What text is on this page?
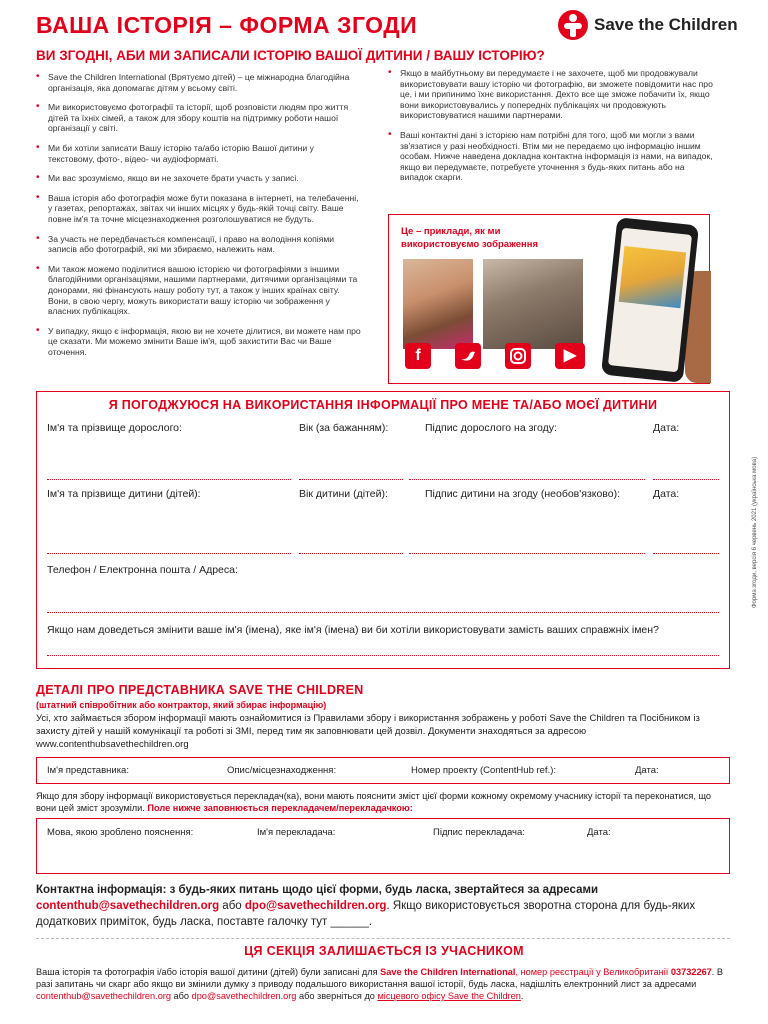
ВАША ІСТОРІЯ – ФОРМА ЗГОДИ	Save the Children
ВИ ЗГОДНІ, АБИ МИ ЗАПИСАЛИ ІСТОРІЮ ВАШОЇ ДИТИНИ / ВАШУ ІСТОРІЮ?
• Save the Children International (Врятуємо дітей) – це міжнародна благодійна організація, яка допомагає дітям у всьому світі.
• Ми використовуємо фотографії та історії, щоб розповісти людям про життя дітей та їхніх сімей, а також для збору коштів на підтримку роботи нашої організації у світі.
• Ми би хотіли записати Вашу історію та/або історію Вашої дитини у текстовому, фото-, відео- чи аудіоформаті.
• Ми вас зрозуміємо, якщо ви не захочете брати участь у записі.
• Ваша історія або фотографія може бути показана в інтернеті, на телебаченні, у газетах, репортажах, звітах чи інших місцях у будь-якій точці світу. Ваше повне ім'я та точне місцезнаходження розголошуватися не будуть.
• За участь не передбачається компенсації, і право на володіння копіями записів або фотографій, які ми збираємо, належить нам.
• Ми також можемо поділитися вашою історією чи фотографіями з іншими благодійними організаціями, нашими партнерами, дитячими організаціями та донорами, які фінансують нашу роботу тут, а також у інших країнах світу. Вони, в свою чергу, можуть використати вашу історію чи зображення у власних публікаціях.
• У випадку, якщо є інформація, якою ви не хочете ділитися, ви можете нам про це сказати. Ми можемо змінити Ваше ім'я, щоб захистити Вас чи Ваше оточення.
• Якщо в майбутньому ви передумаєте і не захочете, щоб ми продовжували використовувати вашу історію чи фотографію, ви зможете повідомити нас про це, і ми припинимо їхнє використання. Дехто все ще зможе побачити їх, якщо вони використовувались у попередніх публікаціях чи продовжують використовуватися нашими партнерами.
• Ваші контактні дані з історією нам потрібні для того, щоб ми могли з вами зв'язатися у разі необхідності. Втім ми не передаємо цю інформацію іншим особам. Нижче наведена докладна контактна інформація із нами, на випадок, якщо ви передумаєте, потребуєте уточнення з будь-яких питань або на випадок скарги.
Це – приклади, як ми використовуємо зображення
f	▶
Я ПОГОДЖУЮСЯ НА ВИКОРИСТАННЯ ІНФОРМАЦІЇ ПРО МЕНЕ ТА/АБО МОЄЇ ДИТИНИ
Ім'я та прізвище дорослого:	Вік (за бажанням):	Підпис дорослого на згоду:	Дата:
Ім'я та прізвище дитини (дітей):	Вік дитини (дітей):	Підпис дитини на згоду (необов'язково):	Дата:
Телефон / Електронна пошта / Адреса:
Якщо нам доведеться змінити ваше ім'я (імена), яке ім'я (імена) ви би хотіли використовувати замість ваших справжніх імен?
Форма згоди, версія 6 червень 2021 (українська мова)
ДЕТАЛІ ПРО ПРЕДСТАВНИКА SAVE THE CHILDREN
(штатний співробітник або контрактор, який збирає інформацію)
Усі, хто займається збором інформації мають ознайомитися із Правилами збору і використання зображень у роботі Save the Children та Посібником із захисту дітей у нашій комунікації та роботі зі ЗМІ, перед тим як заповнювати цей дозвіл. Документи знаходяться за адресою www.contenthubsavethechildren.org
Ім'я представника:	Опис/місцезнаходження:	Номер проекту (ContentHub ref.):	Дата:
Якщо для збору інформації використовується перекладач(ка), вони мають пояснити зміст цієї форми кожному окремому учаснику історії та переконатися, що вони цей зміст зрозуміли. Поле нижче заповнюється перекладачем/перекладачкою:
Мова, якою зроблено пояснення:	Ім'я перекладача:	Підпис перекладача:	Дата:
Контактна інформація: з будь-яких питань щодо цієї форми, будь ласка, звертайтеся за адресами
contenthub@savethechildren.org або dpo@savethechildren.org. Якщо використовується зворотна сторона для будь-яких додаткових приміток, будь ласка, поставте галочку тут ______.
ЦЯ СЕКЦІЯ ЗАЛИШАЄТЬСЯ ІЗ УЧАСНИКОМ
Ваша історія та фотографія і/або історія вашої дитини (дітей) були записані для Save the Children International, номер реєстрації у Великобританії 03732267. В разі запитань чи скарг або якщо ви змінили думку з приводу подальшого використання вашої історії, будь ласка, надішліть електронний лист за адресами contenthub@savethechildren.org або dpo@savethechildren.org або зверніться до місцевого офісу Save the Children.
